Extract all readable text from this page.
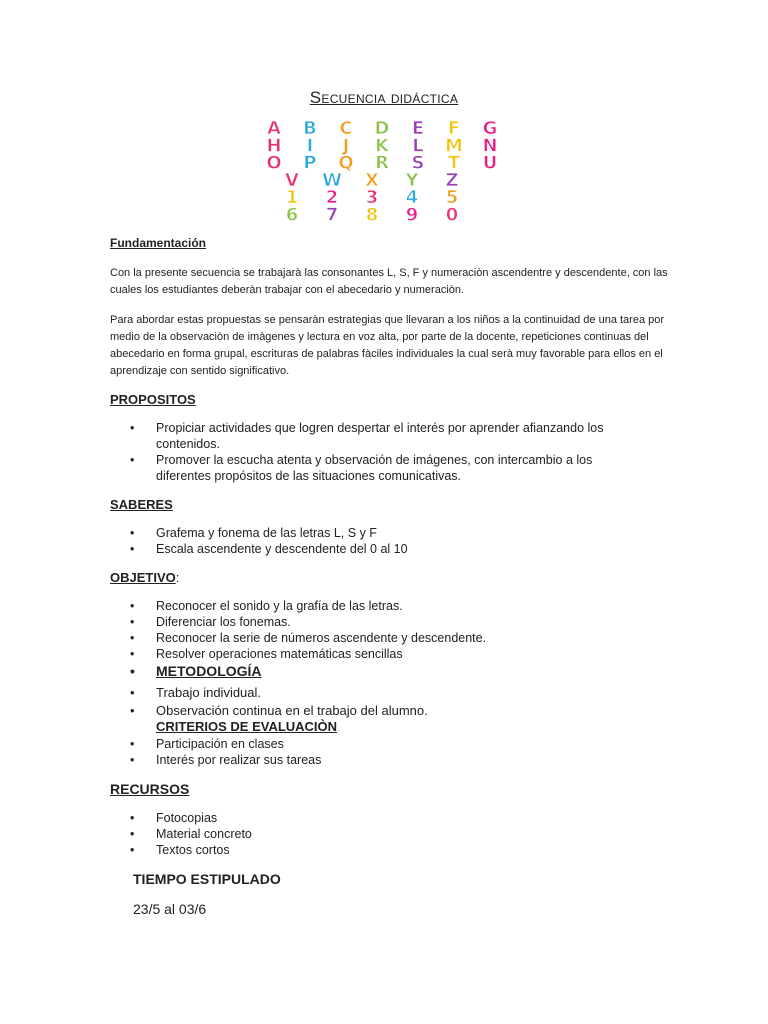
Secuencia didáctica
A B C D E F G
H I J K L M N
O P Q R S T U
V W X Y Z
1 2 3 4 5
6 7 8 9 0
Fundamentación
Con la presente secuencia se trabajarà las consonantes L, S, F y numeraciòn ascendentre y descendente, con las cuales los estudiantes deberàn trabajar con el abecedario y numeraciòn.
Para abordar estas propuestas se pensaràn estrategias que llevaran a los niños a la continuidad de una tarea por medio de la observaciòn de imàgenes y lectura en voz alta, por parte de la docente, repeticiones continuas del abecedario en forma grupal, escrituras de palabras fàciles individuales la cual serà muy favorable para ellos en el aprendizaje con sentido significativo.
PROPOSITOS
• Propiciar actividades que logren despertar el interés por aprender afianzando los contenidos.
• Promover la escucha atenta y observación de imágenes, con intercambio a los diferentes propósitos de las situaciones comunicativas.
SABERES
• Grafema y fonema de las letras L, S y F
• Escala ascendente y descendente del 0 al 10
OBJETIVO:
• Reconocer el sonido y la grafía de las letras.
• Diferenciar los fonemas.
• Reconocer la serie de números ascendente y descendente.
• Resolver operaciones matemáticas sencillas
• METODOLOGÍA
• Trabajo individual.
• Observación continua en el trabajo del alumno.
CRITERIOS DE EVALUACIÒN
• Participación en clases
• Interés por realizar sus tareas
RECURSOS
• Fotocopias
• Material concreto
• Textos cortos
TIEMPO ESTIPULADO
23/5 al 03/6
